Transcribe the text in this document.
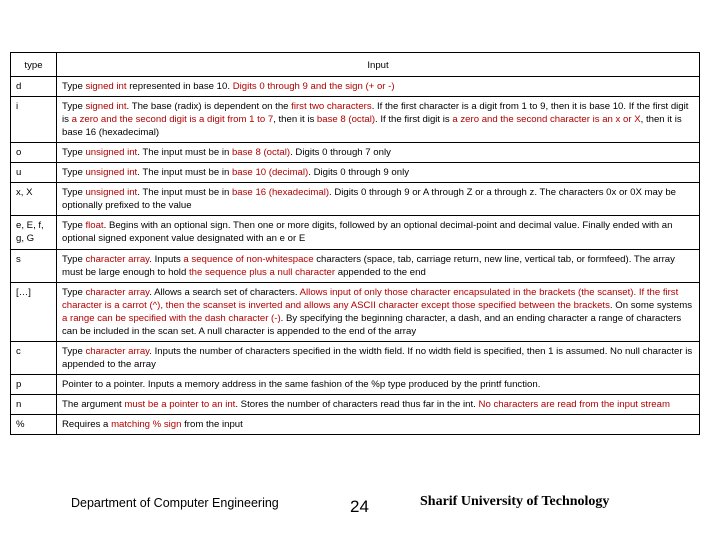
type	Input
d	Type signed int represented in base 10. Digits 0 through 9 and the sign (+ or -)
i	Type signed int. The base (radix) is dependent on the first two characters. If the first character is a digit from 1 to 9, then it is base 10. If the first digit is a zero and the second digit is a digit from 1 to 7, then it is base 8 (octal). If the first digit is a zero and the second character is an x or X, then it is base 16 (hexadecimal)
o	Type unsigned int. The input must be in base 8 (octal). Digits 0 through 7 only
u	Type unsigned int. The input must be in base 10 (decimal). Digits 0 through 9 only
x, X	Type unsigned int. The input must be in base 16 (hexadecimal). Digits 0 through 9 or A through Z or a through z. The characters 0x or 0X may be optionally prefixed to the value
e, E, f, g, G	Type float. Begins with an optional sign. Then one or more digits, followed by an optional decimal-point and decimal value. Finally ended with an optional signed exponent value designated with an e or E
s	Type character array. Inputs a sequence of non-whitespace characters (space, tab, carriage return, new line, vertical tab, or formfeed). The array must be large enough to hold the sequence plus a null character appended to the end
[…]	Type character array. Allows a search set of characters. Allows input of only those character encapsulated in the brackets (the scanset). If the first character is a carrot (^), then the scanset is inverted and allows any ASCII character except those specified between the brackets. On some systems a range can be specified with the dash character (-). By specifying the beginning character, a dash, and an ending character a range of characters can be included in the scan set. A null character is appended to the end of the array
c	Type character array. Inputs the number of characters specified in the width field. If no width field is specified, then 1 is assumed. No null character is appended to the array
p	Pointer to a pointer. Inputs a memory address in the same fashion of the %p type produced by the printf function.
n	The argument must be a pointer to an int. Stores the number of characters read thus far in the int. No characters are read from the input stream
%	Requires a matching % sign from the input
Department of Computer Engineering	24	Sharif University of Technology
